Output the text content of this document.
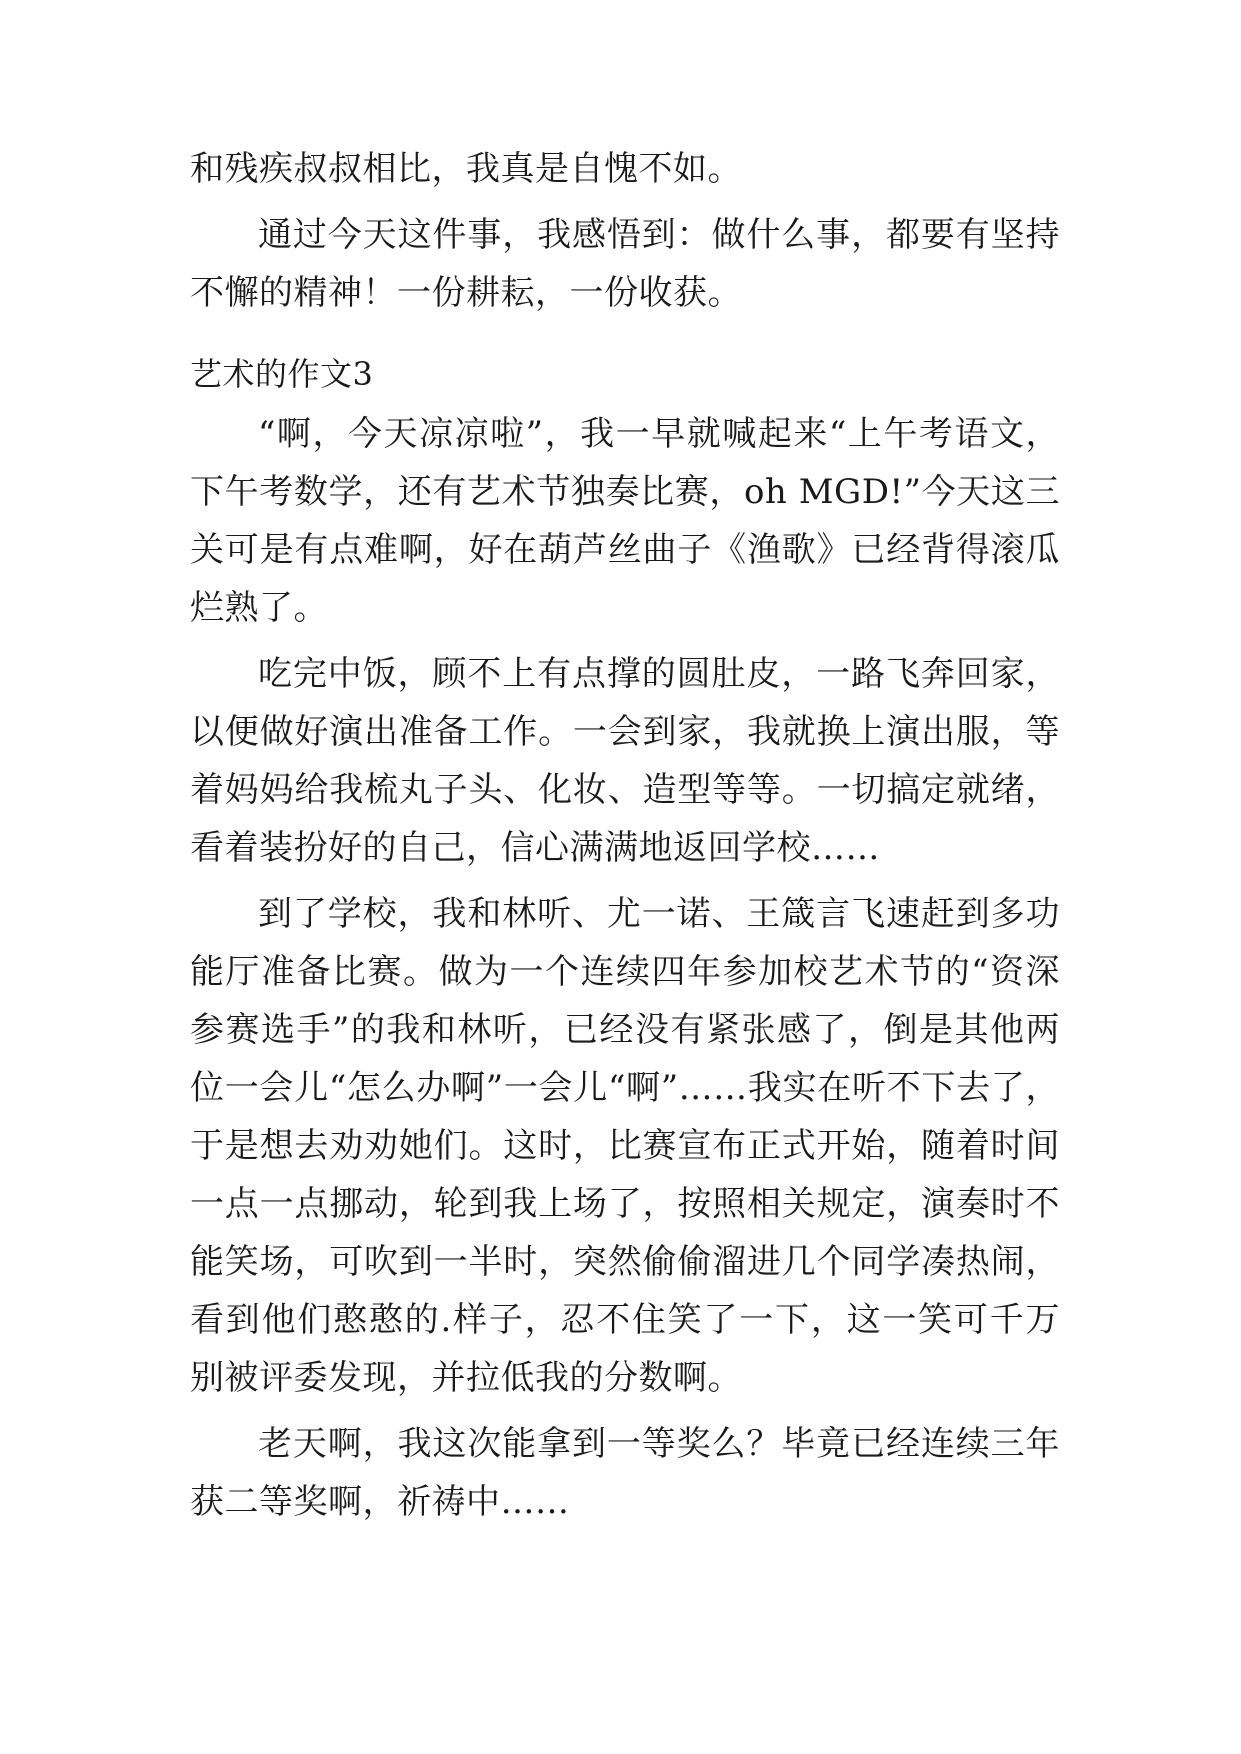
和残疾叔叔相比，我真是自愧不如。

通过今天这件事，我感悟到：做什么事，都要有坚持不懈的精神！一份耕耘，一份收获。

艺术的作文3

“啊，今天凉凉啦”，我一早就喊起来“上午考语文，下午考数学，还有艺术节独奏比赛，oh MGD!”今天这三关可是有点难啊，好在葫芦丝曲子《渔歌》已经背得滚瓜烂熟了。

吃完中饭，顾不上有点撑的圆肚皮，一路飞奔回家，以便做好演出准备工作。一会到家，我就换上演出服，等着妈妈给我梳丸子头、化妆、造型等等。一切搞定就绪，看着装扮好的自己，信心满满地返回学校……

到了学校，我和林听、尤一诺、王箴言飞速赶到多功能厅准备比赛。做为一个连续四年参加校艺术节的“资深参赛选手”的我和林听，已经没有紧张感了，倒是其他两位一会儿“怎么办啊”一会儿“啊”……我实在听不下去了，于是想去劝劝她们。这时，比赛宣布正式开始，随着时间一点一点挪动，轮到我上场了，按照相关规定，演奏时不能笑场，可吹到一半时，突然偷偷溜进几个同学凑热闹，看到他们憨憨的.样子，忍不住笑了一下，这一笑可千万别被评委发现，并拉低我的分数啊。

老天啊，我这次能拿到一等奖么？毕竟已经连续三年获二等奖啊，祈祷中……
